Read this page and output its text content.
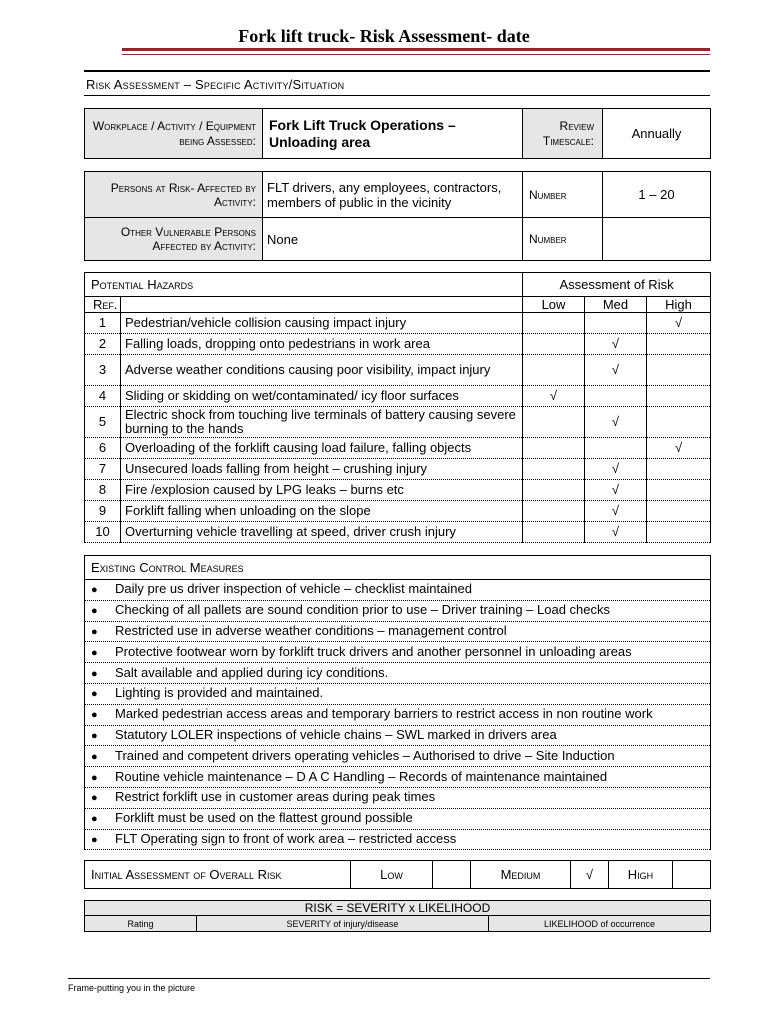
Fork lift truck- Risk Assessment- date
Risk Assessment – Specific Activity/Situation
Workplace / Activity / Equipment being Assessed:	Fork Lift Truck Operations – Unloading area	Review Timescale:	Annually
Persons at Risk- Affected by Activity:	FLT drivers, any employees, contractors, members of public in the vicinity	Number	1 – 20
Other Vulnerable Persons Affected by Activity:	None	Number	
Potential Hazards		Assessment of Risk		
Ref.		Low	Med	High
1	Pedestrian/vehicle collision causing impact injury			√
2	Falling loads, dropping onto pedestrians in work area		√	
3	Adverse weather conditions causing poor visibility, impact injury		√	
4	Sliding or skidding on wet/contaminated/ icy floor surfaces	√		
5	Electric shock from touching live terminals of battery causing severe burning to the hands		√	
6	Overloading of the forklift causing load failure, falling objects			√
7	Unsecured loads falling from height – crushing injury		√	
8	Fire /explosion caused by LPG leaks – burns etc		√	
9	Forklift falling when unloading on the slope		√	
10	Overturning vehicle travelling at speed, driver crush injury		√	
Existing Control Measures
● Daily pre us driver inspection of vehicle – checklist maintained
● Checking of all pallets are sound condition prior to use – Driver training – Load checks
● Restricted use in adverse weather conditions – management control
● Protective footwear worn by forklift truck drivers and another personnel in unloading areas
● Salt available and applied during icy conditions.
● Lighting is provided and maintained.
● Marked pedestrian access areas and temporary barriers to restrict access in non routine work
● Statutory LOLER inspections of vehicle chains – SWL marked in drivers area
● Trained and competent drivers operating vehicles – Authorised to drive – Site Induction
● Routine vehicle maintenance – D A C Handling – Records of maintenance maintained
● Restrict forklift use in customer areas during peak times
● Forklift must be used on the flattest ground possible
● FLT Operating sign to front of work area – restricted access
Initial Assessment of Overall Risk	Low		Medium	√	High	
RISK = SEVERITY x LIKELIHOOD
Rating	SEVERITY of injury/disease	LIKELIHOOD of occurrence
Frame-putting you in the picture
